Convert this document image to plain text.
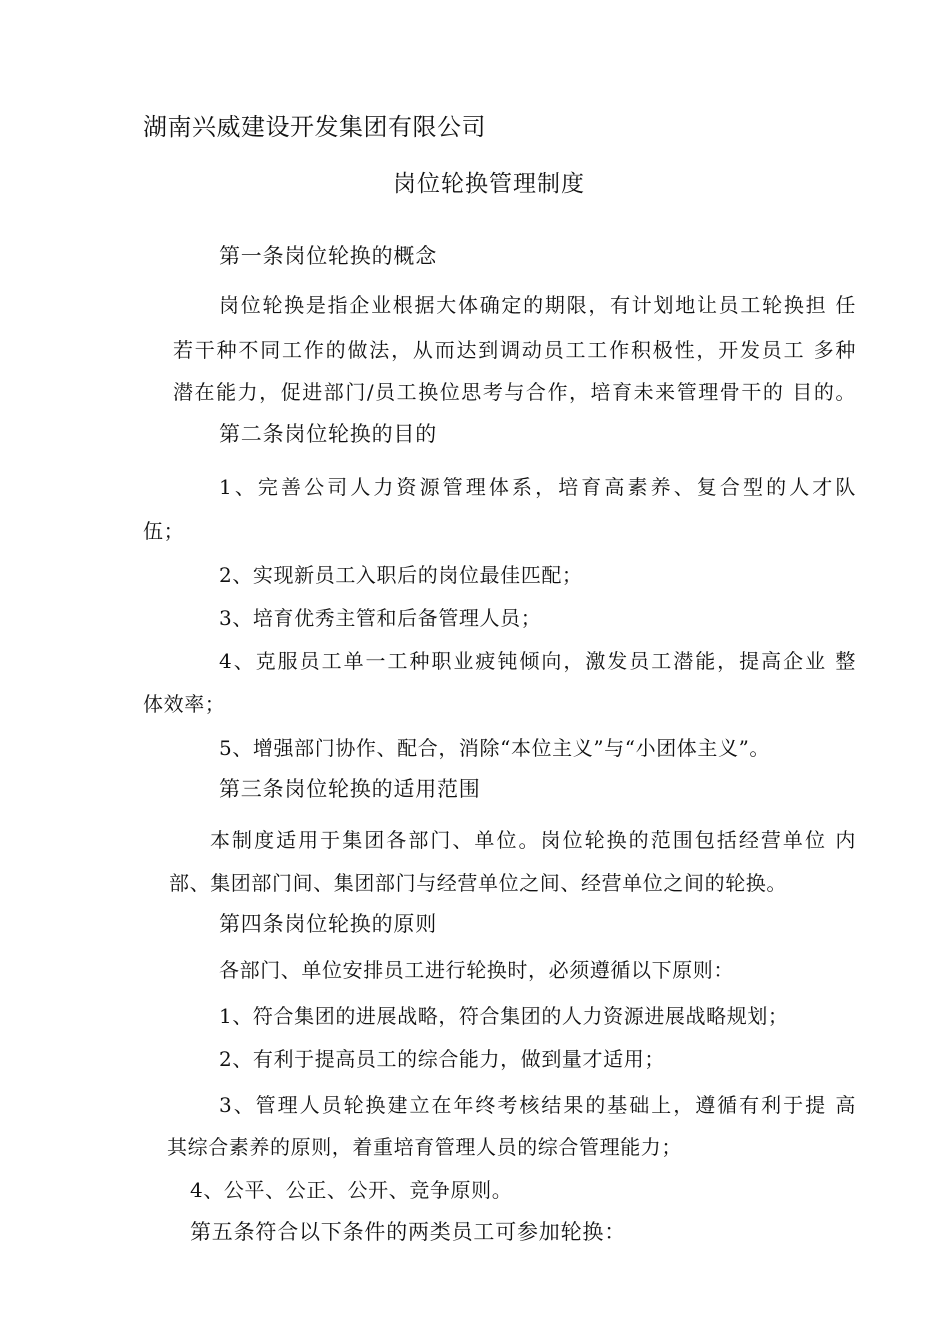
湖南兴威建设开发集团有限公司

岗位轮换管理制度

第一条岗位轮换的概念

岗位轮换是指企业根据大体确定的期限，有计划地让员工轮换担 任

若干种不同工作的做法，从而达到调动员工工作积极性，开发员工 多种

潜在能力，促进部门/员工换位思考与合作，培育未来管理骨干的 目的。

第二条岗位轮换的目的

1、完善公司人力资源管理体系，培育高素养、复合型的人才队

伍；

2、实现新员工入职后的岗位最佳匹配；

3、培育优秀主管和后备管理人员；

4、克服员工单一工种职业疲钝倾向，激发员工潜能，提高企业 整

体效率；

5、增强部门协作、配合，消除“本位主义”与“小团体主义”。

第三条岗位轮换的适用范围

本制度适用于集团各部门、单位。岗位轮换的范围包括经营单位 内

部、集团部门间、集团部门与经营单位之间、经营单位之间的轮换。

第四条岗位轮换的原则

各部门、单位安排员工进行轮换时，必须遵循以下原则：

1、符合集团的进展战略，符合集团的人力资源进展战略规划；

2、有利于提高员工的综合能力，做到量才适用；

3、管理人员轮换建立在年终考核结果的基础上，遵循有利于提 高

其综合素养的原则，着重培育管理人员的综合管理能力；

4、公平、公正、公开、竞争原则。

第五条符合以下条件的两类员工可参加轮换：
